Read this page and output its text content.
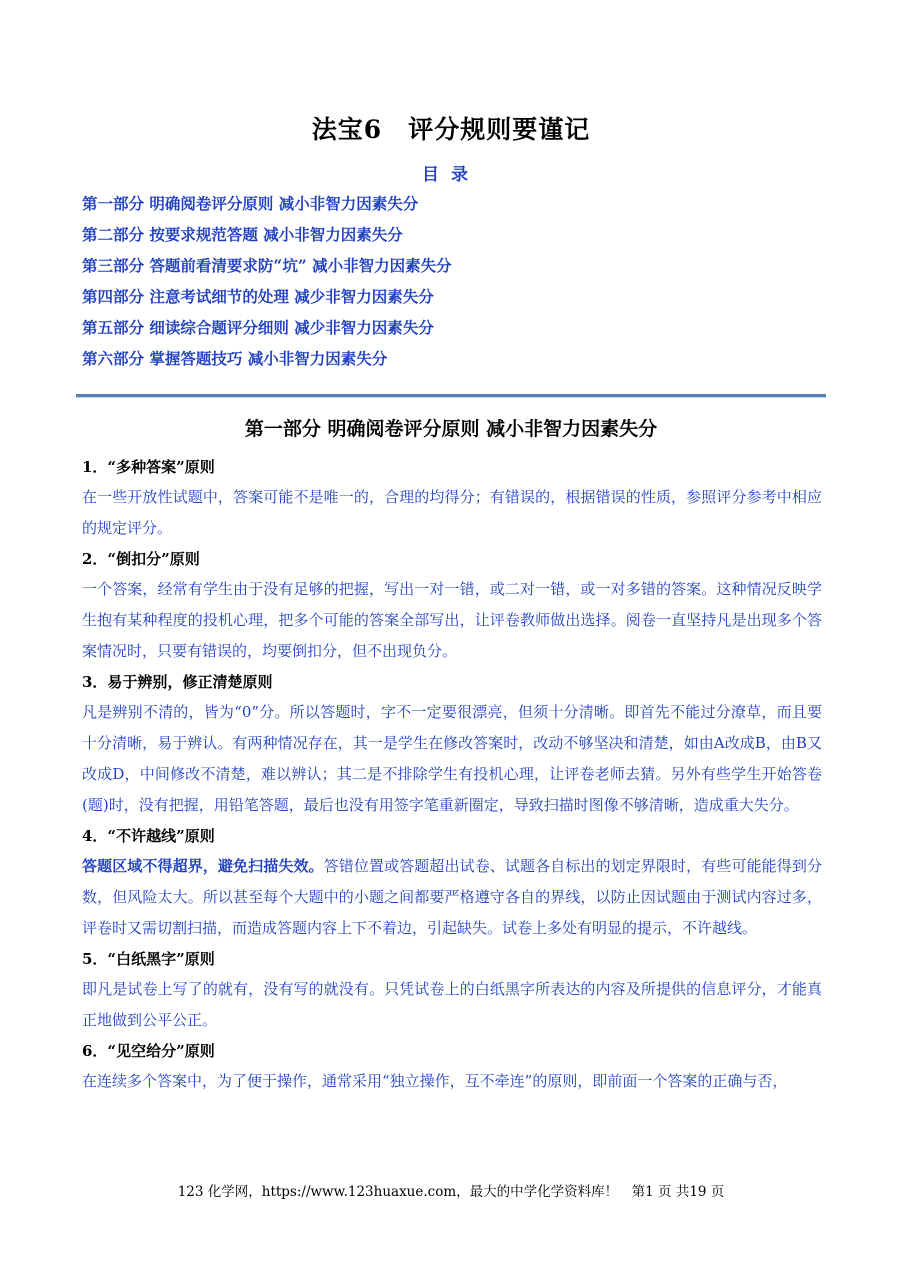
法宝6　评分规则要谨记
目录
第一部分 明确阅卷评分原则 减小非智力因素失分
第二部分 按要求规范答题 减小非智力因素失分
第三部分 答题前看清要求防“坑” 减小非智力因素失分
第四部分 注意考试细节的处理 减少非智力因素失分
第五部分 细读综合题评分细则 减少非智力因素失分
第六部分 掌握答题技巧 减小非智力因素失分
第一部分 明确阅卷评分原则 减小非智力因素失分
1．“多种答案”原则

在一些开放性试题中，答案可能不是唯一的，合理的均得分；有错误的，根据错误的性质，参照评分参考中相应的规定评分。

2．“倒扣分”原则

一个答案，经常有学生由于没有足够的把握，写出一对一错，或二对一错，或一对多错的答案。这种情况反映学生抱有某种程度的投机心理，把多个可能的答案全部写出，让评卷教师做出选择。阅卷一直坚持凡是出现多个答案情况时，只要有错误的，均要倒扣分，但不出现负分。

3．易于辨别，修正清楚原则

凡是辨别不清的，皆为“0”分。所以答题时，字不一定要很漂亮，但须十分清晰。即首先不能过分潦草，而且要十分清晰，易于辨认。有两种情况存在，其一是学生在修改答案时，改动不够坚决和清楚，如由A改成B，由B又改成D，中间修改不清楚，难以辨认；其二是不排除学生有投机心理，让评卷老师去猜。另外有些学生开始答卷(题)时，没有把握，用铅笔答题，最后也没有用签字笔重新圈定，导致扫描时图像不够清晰，造成重大失分。

4．“不许越线”原则

答题区域不得超界，避免扫描失效。答错位置或答题超出试卷、试题各自标出的划定界限时，有些可能能得到分数，但风险太大。所以甚至每个大题中的小题之间都要严格遵守各自的界线，以防止因试题由于测试内容过多，评卷时又需切割扫描，而造成答题内容上下不着边，引起缺失。试卷上多处有明显的提示，不许越线。

5．“白纸黑字”原则

即凡是试卷上写了的就有，没有写的就没有。只凭试卷上的白纸黑字所表达的内容及所提供的信息评分，才能真正地做到公平公正。

6．“见空给分”原则

在连续多个答案中，为了便于操作，通常采用“独立操作，互不牵连”的原则，即前面一个答案的正确与否，

123 化学网，https://www.123huaxue.com，最大的中学化学资料库！　第1 页 共19 页
